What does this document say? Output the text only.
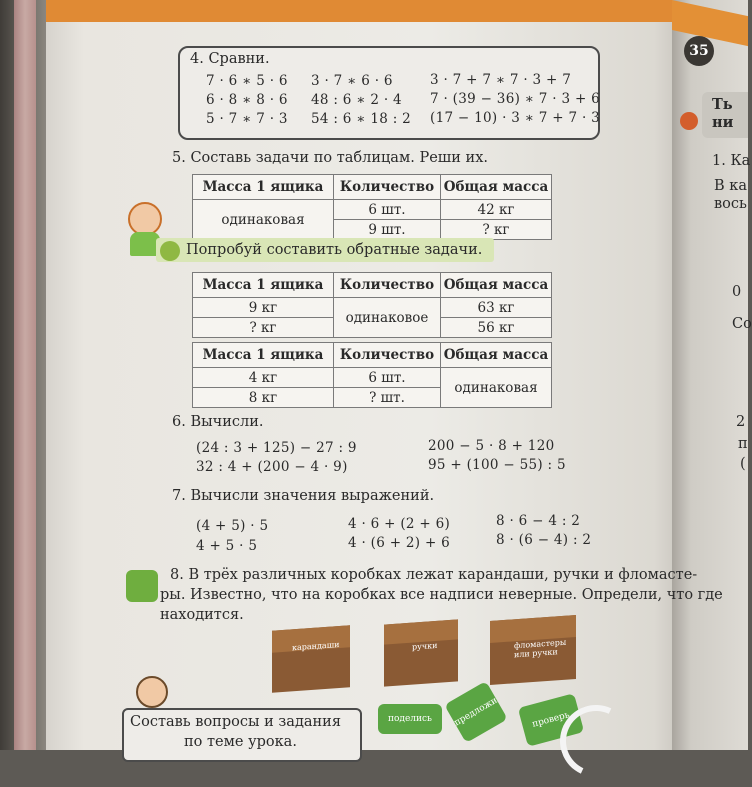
35
Ть
ни
1. Ка
В ка
вось
0
Со
2
п
(
4. Сравни.
7 · 6 ∗ 5 · 6
6 · 8 ∗ 8 · 6
5 · 7 ∗ 7 · 3
3 · 7 ∗ 6 · 6
48 : 6 ∗ 2 · 4
54 : 6 ∗ 18 : 2
3 · 7 + 7 ∗ 7 · 3 + 7
7 · (39 − 36) ∗ 7 · 3 + 6
(17 − 10) · 3 ∗ 7 + 7 · 3
5. Составь задачи по таблицам. Реши их.
Масса 1 ящика	Количество	Общая масса
одинаковая	6 шт.	42 кг
	9 шт.	? кг
Попробуй составить обратные задачи.
Масса 1 ящика	Количество	Общая масса
9 кг	одинаковое	63 кг
? кг		56 кг
Масса 1 ящика	Количество	Общая масса
4 кг	6 шт.	одинаковая
8 кг	? шт.	
6. Вычисли.
(24 : 3 + 125) − 27 : 9
32 : 4 + (200 − 4 · 9)
200 − 5 · 8 + 120
95 + (100 − 55) : 5
7. Вычисли значения выражений.
(4 + 5) · 5
4 + 5 · 5
4 · 6 + (2 + 6)
4 · (6 + 2) + 6
8 · 6 − 4 : 2
8 · (6 − 4) : 2
8. В трёх различных коробках лежат карандаши, ручки и фломасте-
ры. Известно, что на коробках все надписи неверные. Определи, что где
находится.
карандаши	ручки	фломастеры или ручки
Составь вопросы и задания
по теме урока.
поделись	предложи	проверь
